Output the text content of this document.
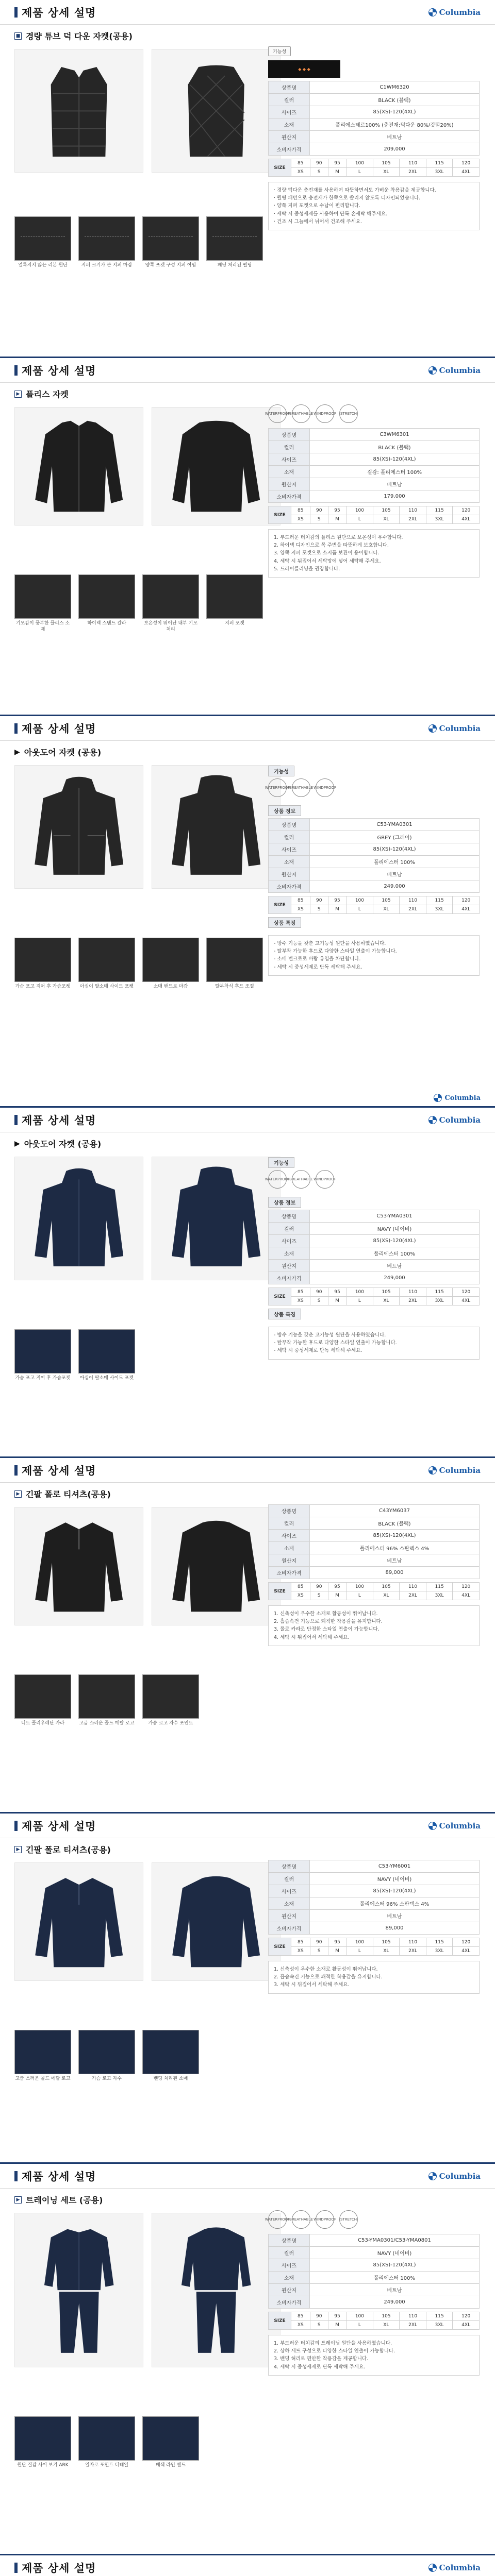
제품 상세 설명	Columbia
■ 경량 튜브 덕 다운 자켓(공용)
얼룩지지 않는 리본 원단	지퍼 크기가 큰 지퍼 마감	양쪽 포켓 구성 지퍼 여밈	패딩 처리된 퀼팅
기능성
◆ ◆ ◆
상품명	C1WM6320
컬러	BLACK (블랙)
사이즈	85(XS)-120(4XL)
소재	폴리에스테르100% (충전재:덕다운 80%/깃털20%)
원산지	베트남
소비자가격	209,000
SIZE	85	90	95	100	105	110	115	120
	XS	S	M	L	XL	2XL	3XL	4XL

· 경량 덕다운 충전재를 사용하여 따뜻하면서도 가벼운 착용감을 제공합니다.

· 퀼팅 패턴으로 충전재가 한쪽으로 쏠리지 않도록 디자인되었습니다.

· 양쪽 지퍼 포켓으로 수납이 편리합니다.

· 세탁 시 중성세제를 사용하여 단독 손세탁 해주세요.

· 건조 시 그늘에서 뉘어서 건조해 주세요.

제품 상세 설명	Columbia
▶ 플리스 자켓
기모감이 풍부한 플리스 소재
하이넥 스탠드 칼라	보온성이 뛰어난 내부 기모 처리
지퍼 포켓
WATERPROOF
BREATHABLE WINDPROOF STRETCH
상품명	C3WM6301
컬러	BLACK (블랙)
사이즈	85(XS)-120(4XL)
소재	겉감: 폴리에스터 100%
원산지	베트남
소비자가격	179,000
SIZE	85	90	95	100	105	110	115	120
	XS	S	M	L	XL	2XL	3XL	4XL

1. 부드러운 터치감의 플리스 원단으로 보온성이 우수합니다.

2. 하이넥 디자인으로 목 주변을 따뜻하게 보호합니다.

3. 양쪽 지퍼 포켓으로 소지품 보관이 용이합니다.

4. 세탁 시 뒤집어서 세탁망에 넣어 세탁해 주세요.

5. 드라이클리닝을 권장합니다.

제품 상세 설명	Columbia
▶ 아웃도어 자켓 (공용)
가슴 포고 지어 후 가슴포켓	아십이 팔소매 사이드 포켓	소매 밴드로 마감	탈부착식 후드 조절
기능성
WATERPROOF
BREATHABLE WINDPROOF
상품 정보
상품명	C53-YMA0301
컬러	GREY (그레이)
사이즈	85(XS)-120(4XL)
소재	폴리에스터 100%
원산지	베트남
소비자가격	249,000
SIZE	85	90	95	100	105	110	115	120
	XS	S	M	L	XL	2XL	3XL	4XL
상품 특징

- 방수 기능을 갖춘 고기능성 원단을 사용하였습니다.

- 탈부착 가능한 후드로 다양한 스타일 연출이 가능합니다.

- 소매 벨크로로 바람 유입을 차단합니다.

- 세탁 시 중성세제로 단독 세탁해 주세요.

Columbia
제품 상세 설명	Columbia
▶ 아웃도어 자켓 (공용)
가슴 포고 지어 후 가슴포켓	아십이 팔소매 사이드 포켓
기능성
WATERPROOF
BREATHABLE WINDPROOF
상품 정보
상품명	C53-YMA0301
컬러	NAVY (네이비)
사이즈	85(XS)-120(4XL)
소재	폴리에스터 100%
원산지	베트남
소비자가격	249,000
SIZE	85	90	95	100	105	110	115	120
	XS	S	M	L	XL	2XL	3XL	4XL
상품 특징

- 방수 기능을 갖춘 고기능성 원단을 사용하였습니다.

- 탈부착 가능한 후드로 다양한 스타일 연출이 가능합니다.

- 세탁 시 중성세제로 단독 세탁해 주세요.

제품 상세 설명	Columbia
▶ 긴팔 폴로 티셔츠(공용)
니트 폴리우레탄 카라	고급 스러운 골드 메탈 로고	가슴 로고 자수 포인트
상품명	C43YM6037
컬러	BLACK (블랙)
사이즈	85(XS)-120(4XL)
소재	폴리에스터 96% 스판덱스 4%
원산지	베트남
소비자가격	89,000
SIZE	85	90	95	100	105	110	115	120
	XS	S	M	L	XL	2XL	3XL	4XL

1. 신축성이 우수한 소재로 활동성이 뛰어납니다.

2. 흡습속건 기능으로 쾌적한 착용감을 유지합니다.

3. 폴로 카라로 단정한 스타일 연출이 가능합니다.

4. 세탁 시 뒤집어서 세탁해 주세요.

제품 상세 설명	Columbia
▶ 긴팔 폴로 티셔츠(공용)
고급 스러운 골드 메탈 로고	가슴 로고 자수	밴딩 처리된 소매
상품명	C53-YM6001
컬러	NAVY (네이비)
사이즈	85(XS)-120(4XL)
소재	폴리에스터 96% 스판덱스 4%
원산지	베트남
소비자가격	89,000
SIZE	85	90	95	100	105	110	115	120
	XS	S	M	L	XL	2XL	3XL	4XL

1. 신축성이 우수한 소재로 활동성이 뛰어납니다.

2. 흡습속건 기능으로 쾌적한 착용감을 유지합니다.

3. 세탁 시 뒤집어서 세탁해 주세요.

제품 상세 설명	Columbia
▶ 트레이닝 세트 (공용)
원단 질감 사이 보기 ARK	일자로 포인트 디테일	배색 라인 밴드
WATERPROOF
BREATHABLE WINDPROOF STRETCH
상품명	C53-YMA0301/C53-YMA0801
컬러	NAVY (네이비)
사이즈	85(XS)-120(4XL)
소재	폴리에스터 100%
원산지	베트남
소비자가격	249,000
SIZE	85	90	95	100	105	110	115	120
	XS	S	M	L	XL	2XL	3XL	4XL

1. 부드러운 터치감의 트레이닝 원단을 사용하였습니다.

2. 상하 세트 구성으로 다양한 스타일 연출이 가능합니다.

3. 밴딩 허리로 편안한 착용감을 제공합니다.

4. 세탁 시 중성세제로 단독 세탁해 주세요.

제품 상세 설명	Columbia
